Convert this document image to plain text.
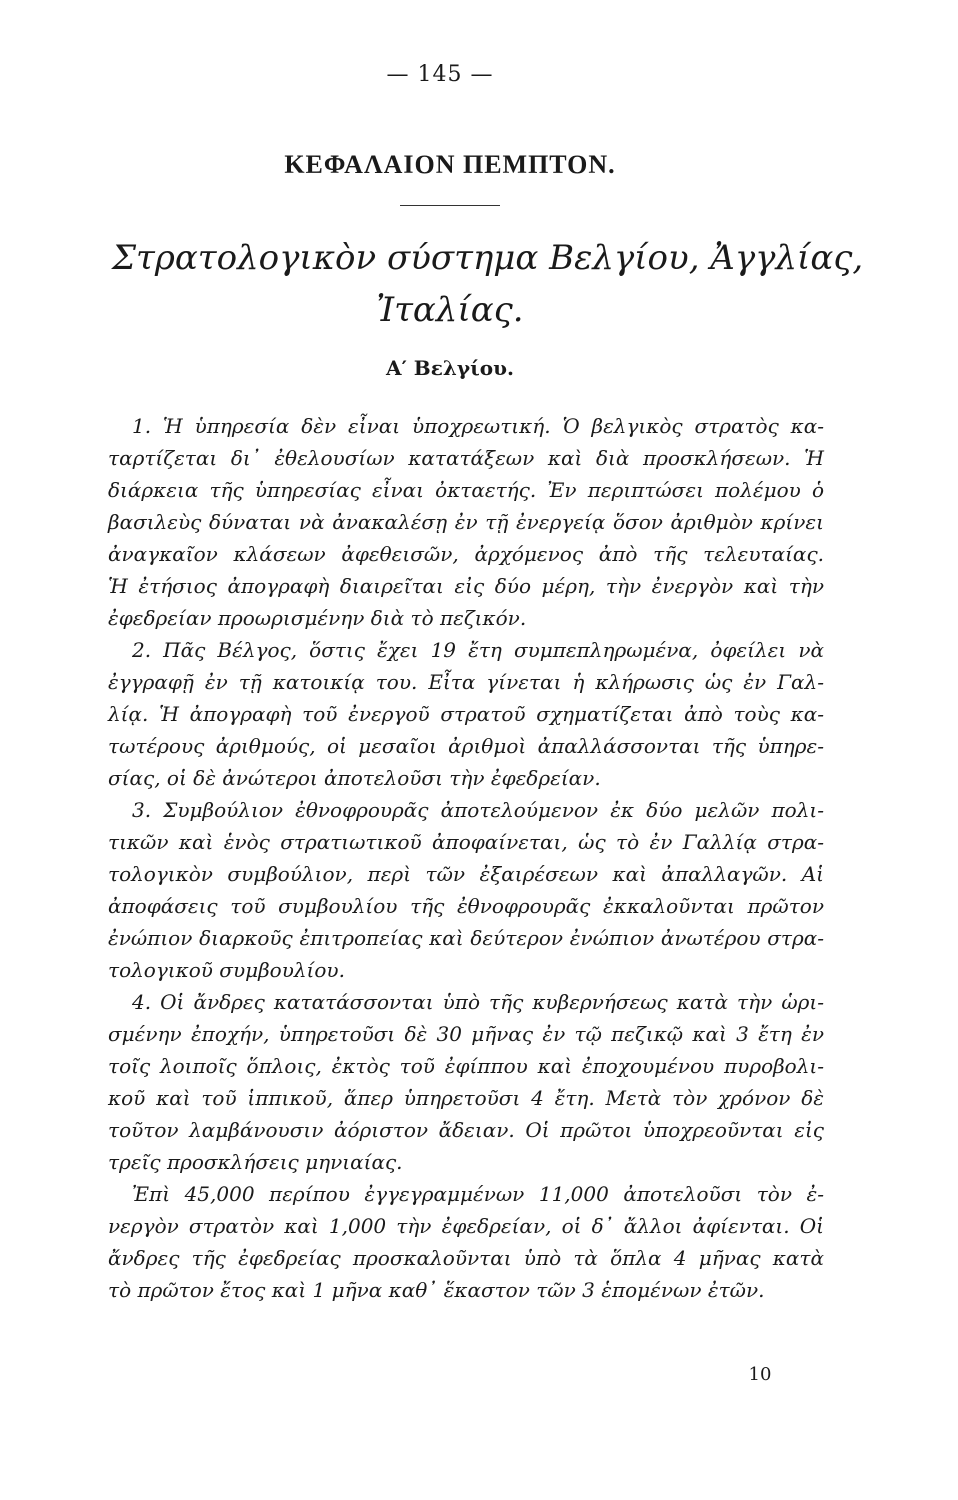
— 145 —
ΚΕΦΑΛΑΙΟΝ ΠΕΜΠΤΟΝ.
Στρατολογικὸν σύστημα Βελγίου, Ἀγγλίας,
Ἰταλίας.
Α′ Βελγίου.
1. Ἡ ὑπηρεσία δὲν εἶναι ὑποχρεωτική. Ὁ βελγικὸς στρατὸς κα-
ταρτίζεται δι᾽ ἐθελουσίων κατατάξεων καὶ διὰ προσκλήσεων. Ἡ
διάρκεια τῆς ὑπηρεσίας εἶναι ὀκταετής. Ἐν περιπτώσει πολέμου ὁ
βασιλεὺς δύναται νὰ ἀνακαλέσῃ ἐν τῇ ἐνεργείᾳ ὅσον ἀριθμὸν κρίνει
ἀναγκαῖον κλάσεων ἀφεθεισῶν, ἀρχόμενος ἀπὸ τῆς τελευταίας.
Ἡ ἐτήσιος ἀπογραφὴ διαιρεῖται εἰς δύο μέρη, τὴν ἐνεργὸν καὶ τὴν
ἐφεδρείαν προωρισμένην διὰ τὸ πεζικόν.
2. Πᾶς Βέλγος, ὅστις ἔχει 19 ἔτη συμπεπληρωμένα, ὀφείλει νὰ
ἐγγραφῇ ἐν τῇ κατοικίᾳ του. Εἶτα γίνεται ἡ κλήρωσις ὡς ἐν Γαλ-
λίᾳ. Ἡ ἀπογραφὴ τοῦ ἐνεργοῦ στρατοῦ σχηματίζεται ἀπὸ τοὺς κα-
τωτέρους ἀριθμούς, οἱ μεσαῖοι ἀριθμοὶ ἀπαλλάσσονται τῆς ὑπηρε-
σίας, οἱ δὲ ἀνώτεροι ἀποτελοῦσι τὴν ἐφεδρείαν.
3. Συμβούλιον ἐθνοφρουρᾶς ἀποτελούμενον ἐκ δύο μελῶν πολι-
τικῶν καὶ ἑνὸς στρατιωτικοῦ ἀποφαίνεται, ὡς τὸ ἐν Γαλλίᾳ στρα-
τολογικὸν συμβούλιον, περὶ τῶν ἐξαιρέσεων καὶ ἀπαλλαγῶν. Αἱ
ἀποφάσεις τοῦ συμβουλίου τῆς ἐθνοφρουρᾶς ἐκκαλοῦνται πρῶτον
ἐνώπιον διαρκοῦς ἐπιτροπείας καὶ δεύτερον ἐνώπιον ἀνωτέρου στρα-
τολογικοῦ συμβουλίου.
4. Οἱ ἄνδρες κατατάσσονται ὑπὸ τῆς κυβερνήσεως κατὰ τὴν ὡρι-
σμένην ἐποχήν, ὑπηρετοῦσι δὲ 30 μῆνας ἐν τῷ πεζικῷ καὶ 3 ἔτη ἐν
τοῖς λοιποῖς ὅπλοις, ἐκτὸς τοῦ ἐφίππου καὶ ἐποχουμένου πυροβολι-
κοῦ καὶ τοῦ ἱππικοῦ, ἅπερ ὑπηρετοῦσι 4 ἔτη. Μετὰ τὸν χρόνον δὲ
τοῦτον λαμβάνουσιν ἀόριστον ἄδειαν. Οἱ πρῶτοι ὑποχρεοῦνται εἰς
τρεῖς προσκλήσεις μηνιαίας.
Ἐπὶ 45,000 περίπου ἐγγεγραμμένων 11,000 ἀποτελοῦσι τὸν ἐ-
νεργὸν στρατὸν καὶ 1,000 τὴν ἐφεδρείαν, οἱ δ᾽ ἄλλοι ἀφίενται. Οἱ
ἄνδρες τῆς ἐφεδρείας προσκαλοῦνται ὑπὸ τὰ ὅπλα 4 μῆνας κατὰ
τὸ πρῶτον ἔτος καὶ 1 μῆνα καθ᾽ ἕκαστον τῶν 3 ἑπομένων ἐτῶν.
10
